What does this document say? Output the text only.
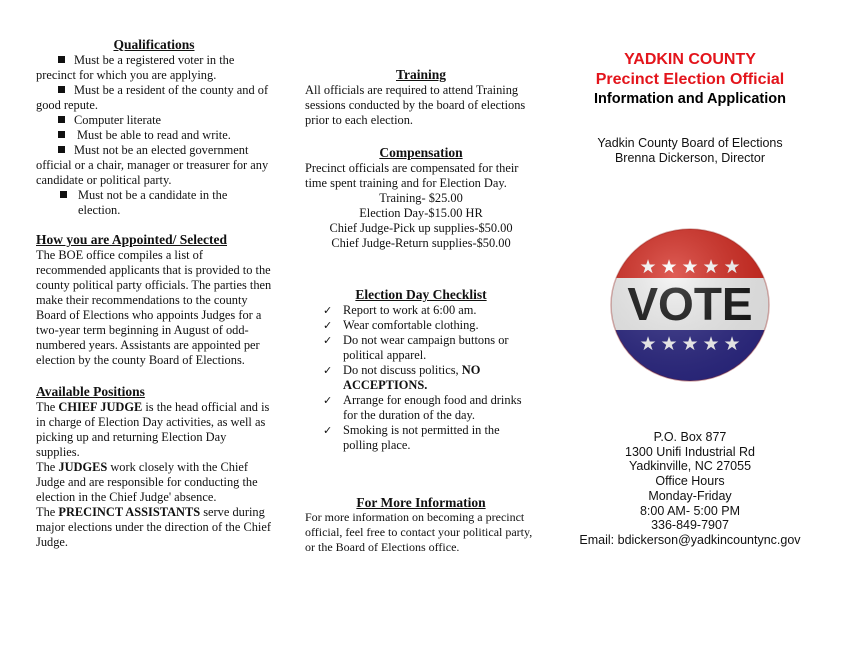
Qualifications
Must be a registered voter in the precinct for which you are applying.
Must be a resident of the county and of good repute.
Computer literate
Must be able to read and write.
Must not be an elected government official or a chair, manager or treasurer for any candidate or political party.
Must not be a candidate in the election.
How you are Appointed/ Selected

The BOE office compiles a list of recommended applicants that is provided to the county political party officials. The parties then make their recommendations to the county Board of Elections who appoints Judges for a two-year term beginning in August of odd-numbered years. Assistants are appointed per election by the county Board of Elections.

Available Positions

The CHIEF JUDGE is the head official and is in charge of Election Day activities, as well as picking up and returning Election Day supplies.

The JUDGES work closely with the Chief Judge and are responsible for conducting the election in the Chief Judge' absence.

The PRECINCT ASSISTANTS serve during major elections under the direction of the Chief Judge.

Training

All officials are required to attend Training sessions conducted by the board of elections prior to each election.

Compensation

Precinct officials are compensated for their time spent training and for Election Day.

Training- $25.00
Election Day-$15.00 HR
Chief Judge-Pick up supplies-$50.00
Chief Judge-Return supplies-$50.00
Election Day Checklist
✓ Report to work at 6:00 am.
✓ Wear comfortable clothing.
✓ Do not wear campaign buttons or political apparel.
✓ Do not discuss politics, NO ACCEPTIONS.
✓ Arrange for enough food and drinks for the duration of the day.
✓ Smoking is not permitted in the polling place.
For More Information

For more information on becoming a precinct official, feel free to contact your political party, or the Board of Elections office.

YADKIN COUNTY
Precinct Election Official
Information and Application
Yadkin County Board of Elections
Brenna Dickerson, Director
P.O. Box 877
1300 Unifi Industrial Rd
Yadkinville, NC 27055
Office Hours
Monday-Friday
8:00 AM- 5:00 PM
336-849-7907
Email: bdickerson@yadkincountync.gov
